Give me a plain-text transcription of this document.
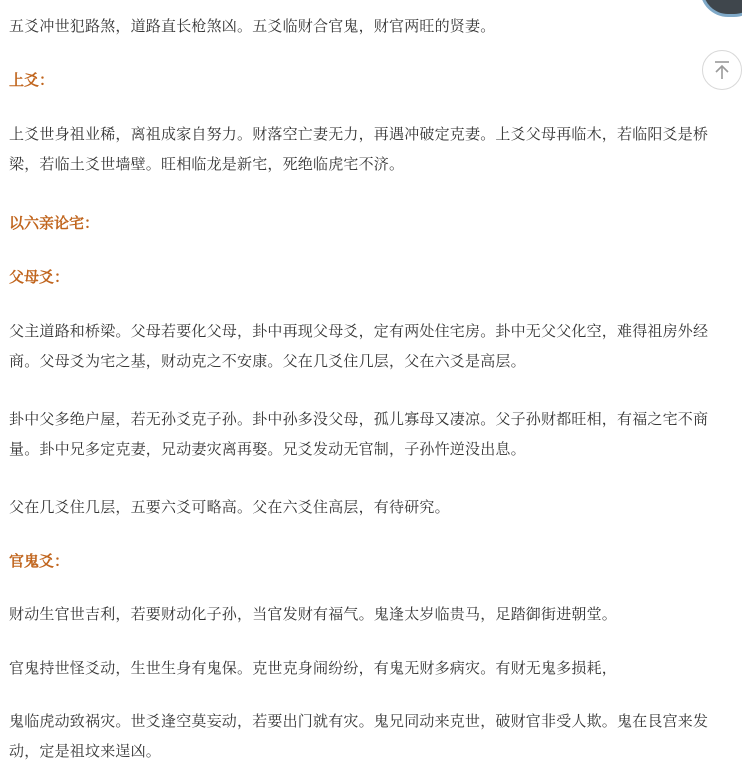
五爻冲世犯路煞，道路直长枪煞凶。五爻临财合官鬼，财官两旺的贤妻。

上爻：

上爻世身祖业稀，离祖成家自努力。财落空亡妻无力，再遇冲破定克妻。上爻父母再临木，若临阳爻是桥梁，若临土爻世墙壁。旺相临龙是新宅，死绝临虎宅不济。

以六亲论宅：

父母爻：

父主道路和桥梁。父母若要化父母，卦中再现父母爻，定有两处住宅房。卦中无父父化空，难得祖房外经商。父母爻为宅之基，财动克之不安康。父在几爻住几层，父在六爻是高层。

卦中父多绝户屋，若无孙爻克子孙。卦中孙多没父母，孤儿寡母又凄凉。父子孙财都旺相，有福之宅不商量。卦中兄多定克妻，兄动妻灾离再娶。兄爻发动无官制，子孙忤逆没出息。

父在几爻住几层，五要六爻可略高。父在六爻住高层，有待研究。

官鬼爻：

财动生官世吉利，若要财动化子孙，当官发财有福气。鬼逢太岁临贵马，足踏御街进朝堂。

官鬼持世怪爻动，生世生身有鬼保。克世克身闹纷纷，有鬼无财多病灾。有财无鬼多损耗，

鬼临虎动致祸灾。世爻逢空莫妄动，若要出门就有灾。鬼兄同动来克世，破财官非受人欺。鬼在艮宫来发动，定是祖坟来逞凶。
